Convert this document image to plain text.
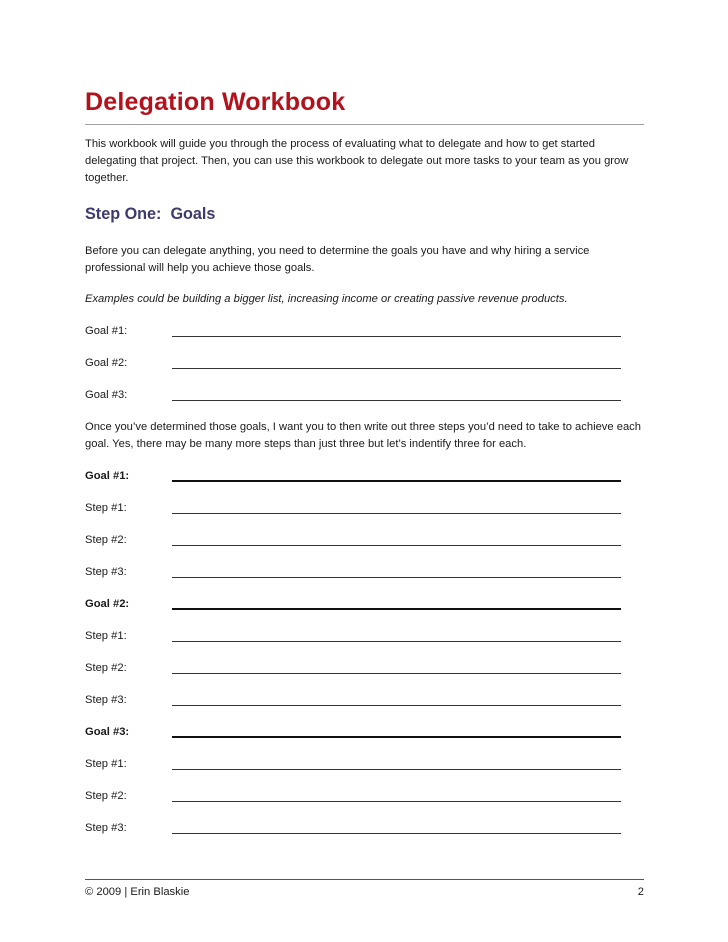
Delegation Workbook

This workbook will guide you through the process of evaluating what to delegate and how to get started delegating that project. Then, you can use this workbook to delegate out more tasks to your team as you grow together.

Step One:  Goals

Before you can delegate anything, you need to determine the goals you have and why hiring a service professional will help you achieve those goals.

Examples could be building a bigger list, increasing income or creating passive revenue products.

Goal #1:
Goal #2:
Goal #3:

Once you’ve determined those goals, I want you to then write out three steps you’d need to take to achieve each goal. Yes, there may be many more steps than just three but let’s indentify three for each.

Goal #1:
Step #1:
Step #2:
Step #3:
Goal #2:
Step #1:
Step #2:
Step #3:
Goal #3:
Step #1:
Step #2:
Step #3:
© 2009 | Erin Blaskie	2
